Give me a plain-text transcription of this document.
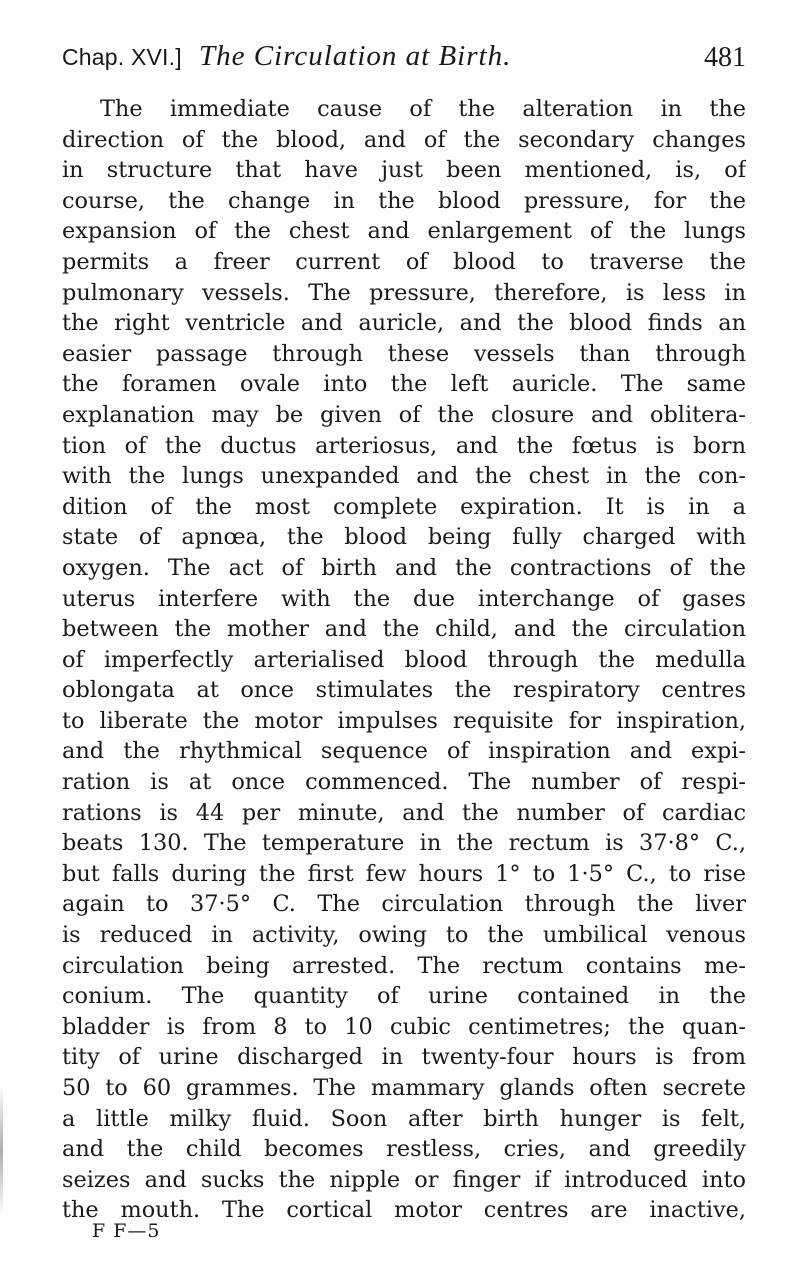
Chap. XVI.] The Circulation at Birth.	481
The immediate cause of the alteration in the
direction of the blood, and of the secondary changes
in structure that have just been mentioned, is, of
course, the change in the blood pressure, for the
expansion of the chest and enlargement of the lungs
permits a freer current of blood to traverse the
pulmonary vessels. The pressure, therefore, is less in
the right ventricle and auricle, and the blood finds an
easier passage through these vessels than through
the foramen ovale into the left auricle. The same
explanation may be given of the closure and oblitera-
tion of the ductus arteriosus, and the fœtus is born
with the lungs unexpanded and the chest in the con-
dition of the most complete expiration. It is in a
state of apnœa, the blood being fully charged with
oxygen. The act of birth and the contractions of the
uterus interfere with the due interchange of gases
between the mother and the child, and the circulation
of imperfectly arterialised blood through the medulla
oblongata at once stimulates the respiratory centres
to liberate the motor impulses requisite for inspiration,
and the rhythmical sequence of inspiration and expi-
ration is at once commenced. The number of respi-
rations is 44 per minute, and the number of cardiac
beats 130. The temperature in the rectum is 37·8° C.,
but falls during the first few hours 1° to 1·5° C., to rise
again to 37·5° C. The circulation through the liver
is reduced in activity, owing to the umbilical venous
circulation being arrested. The rectum contains me-
conium. The quantity of urine contained in the
bladder is from 8 to 10 cubic centimetres; the quan-
tity of urine discharged in twenty-four hours is from
50 to 60 grammes. The mammary glands often secrete
a little milky fluid. Soon after birth hunger is felt,
and the child becomes restless, cries, and greedily
seizes and sucks the nipple or finger if introduced into
the mouth. The cortical motor centres are inactive,
F F—5
